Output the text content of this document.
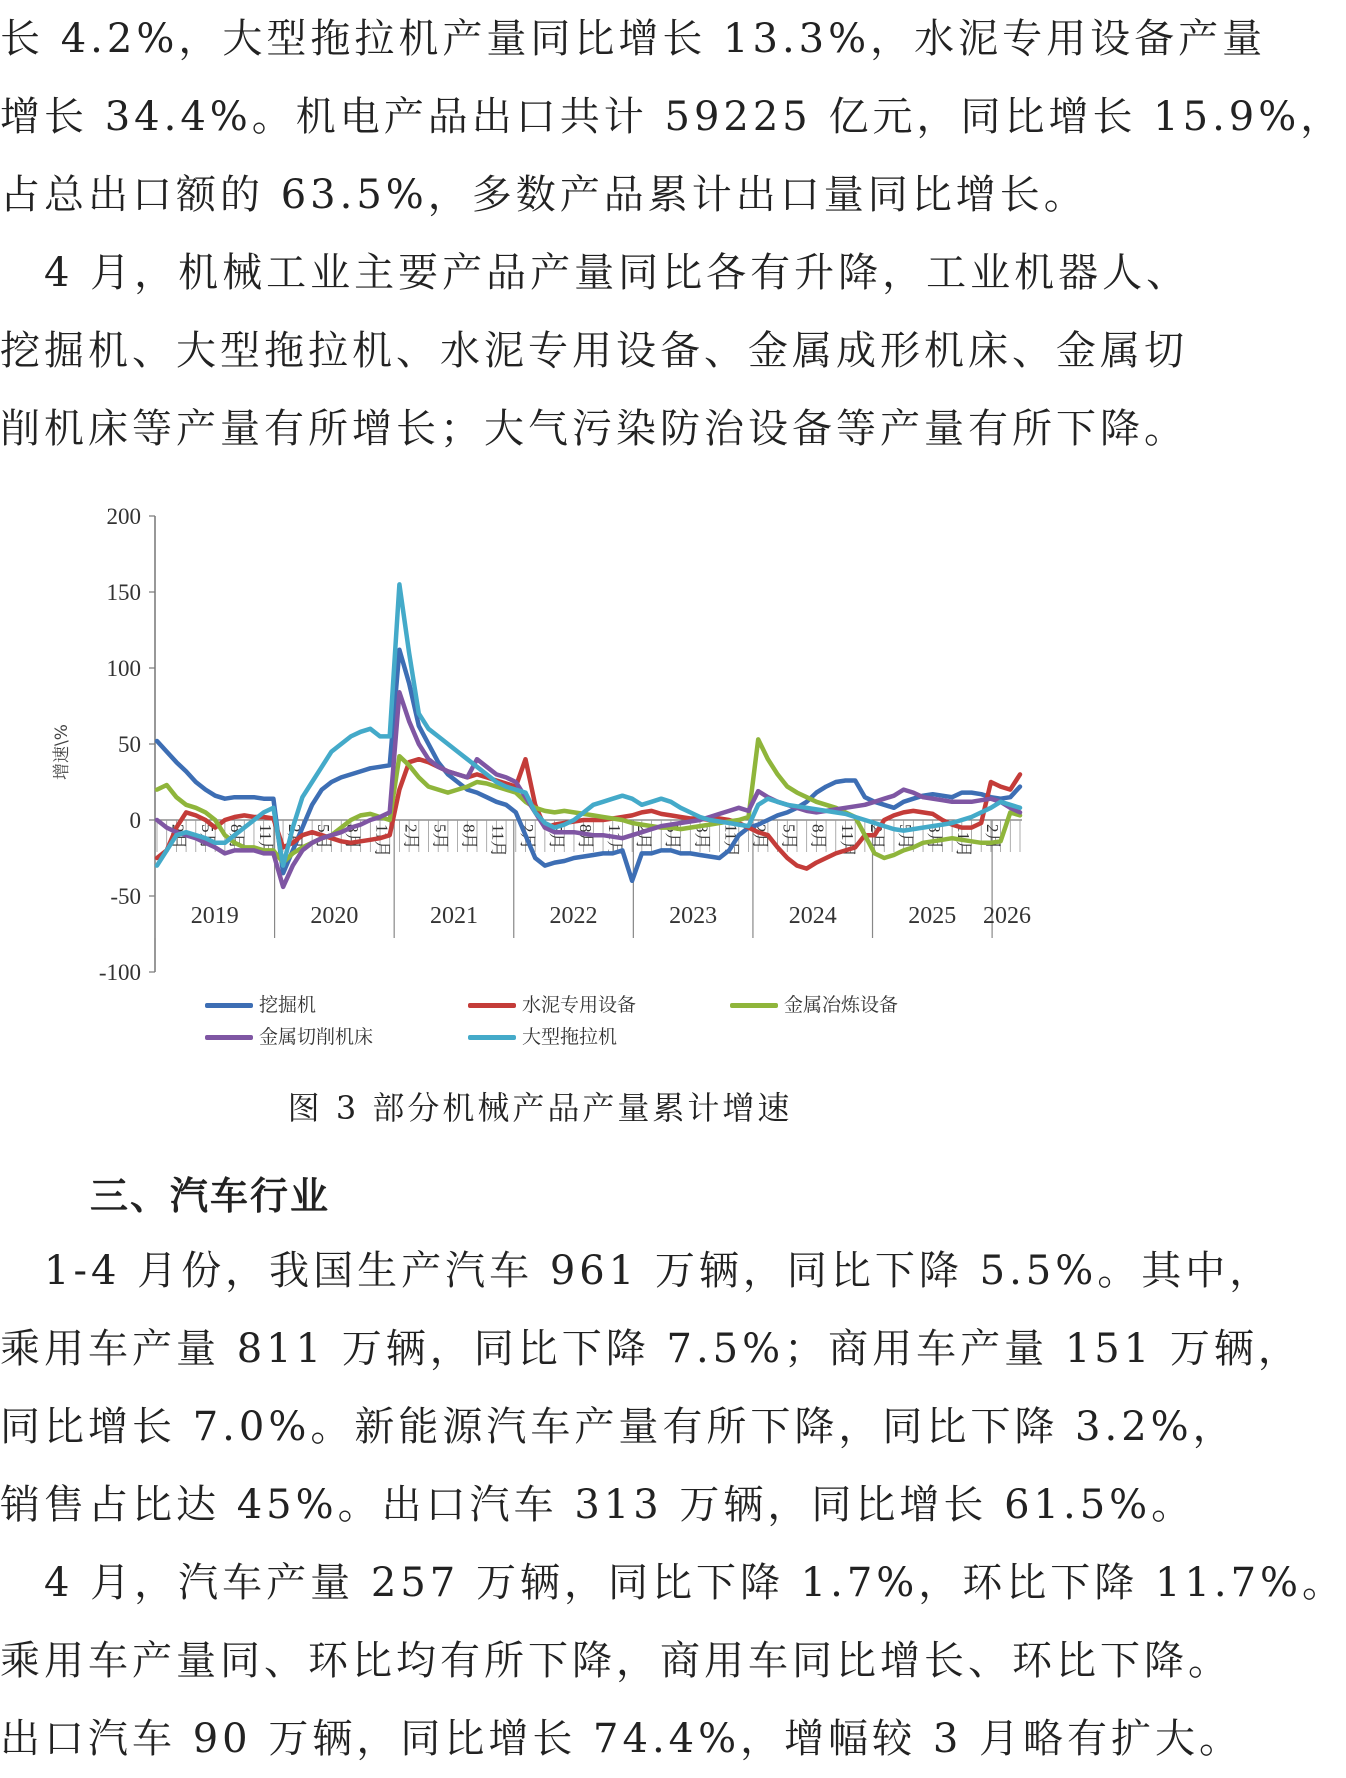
长 4.2%，大型拖拉机产量同比增长 13.3%，水泥专用设备产量
增长 34.4%。机电产品出口共计 59225 亿元，同比增长 15.9%，
占总出口额的 63.5%，多数产品累计出口量同比增长。
　4 月，机械工业主要产品产量同比各有升降，工业机器人、
挖掘机、大型拖拉机、水泥专用设备、金属成形机床、金属切
削机床等产量有所增长；大气污染防治设备等产量有所下降。
200
150
100
50
0
-50
-100
增速\%
2月 5月 8月 11月 2月 5月 8月 11月 2月 5月 8月 11月 2月 5月 8月 11月 2月 5月 8月 11月 2月 5月 8月 11月 2月 5月 8月 11月 2月
2019	2020	2021	2022	2023	2024	2025 2026
挖掘机	水泥专用设备	金属冶炼设备
金属切削机床	大型拖拉机
图 3 部分机械产品产量累计增速
三、汽车行业
　1-4 月份，我国生产汽车 961 万辆，同比下降 5.5%。其中，
乘用车产量 811 万辆，同比下降 7.5%；商用车产量 151 万辆，
同比增长 7.0%。新能源汽车产量有所下降，同比下降 3.2%，
销售占比达 45%。出口汽车 313 万辆，同比增长 61.5%。
　4 月，汽车产量 257 万辆，同比下降 1.7%，环比下降 11.7%。
乘用车产量同、环比均有所下降，商用车同比增长、环比下降。
出口汽车 90 万辆，同比增长 74.4%，增幅较 3 月略有扩大。
